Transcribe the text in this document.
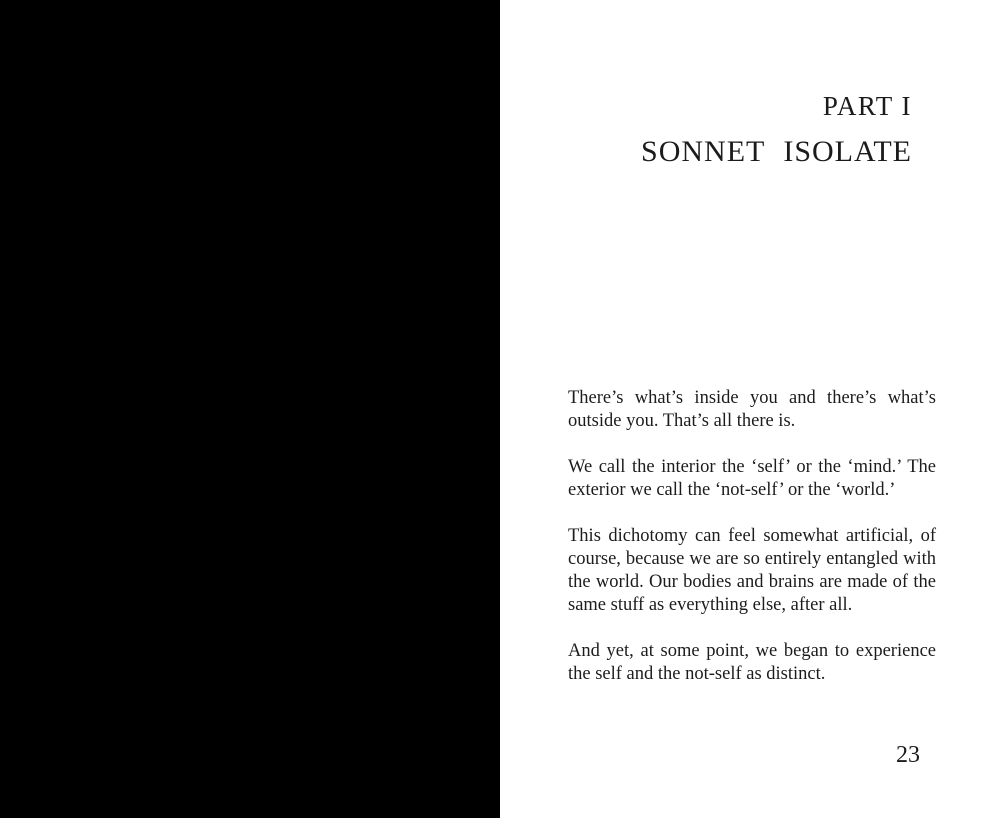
PART I
SONNET ISOLATE

There’s what’s inside you and there’s what’s outside you. That’s all there is.

We call the interior the ‘self’ or the ‘mind.’ The exterior we call the ‘not-self’ or the ‘world.’

This dichotomy can feel somewhat artificial, of course, because we are so entirely entangled with the world. Our bodies and brains are made of the same stuff as everything else, after all.

And yet, at some point, we began to experience the self and the not-self as distinct.

23
